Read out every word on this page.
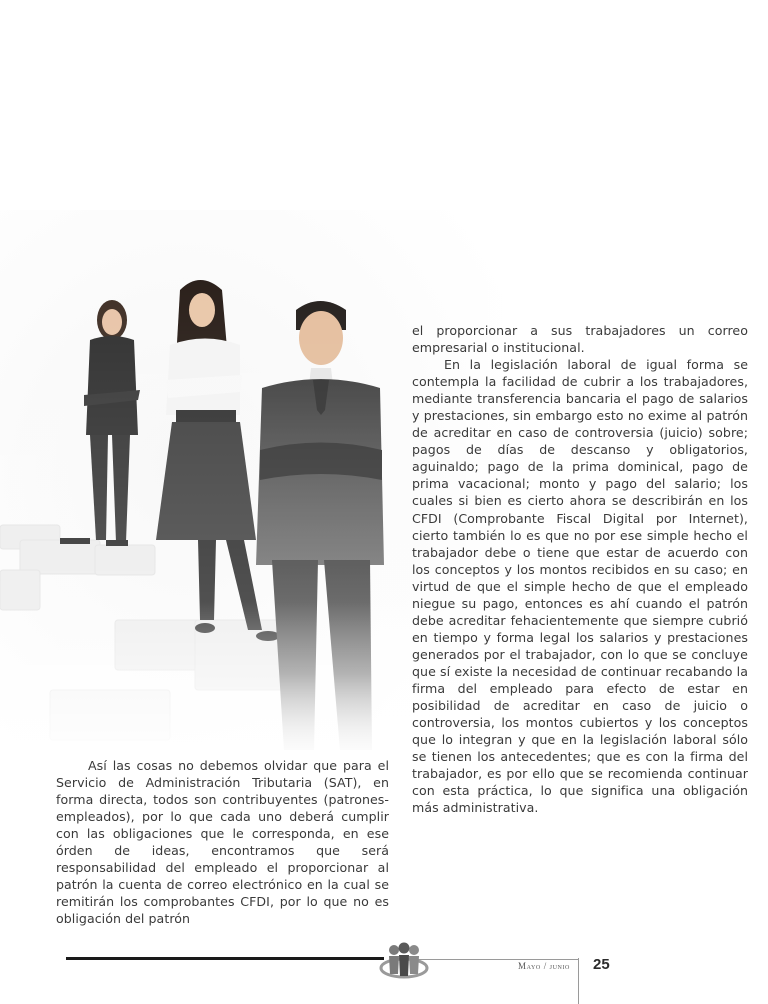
el proporcionar a sus trabajadores un correo empresarial o institucional.

En la legislación laboral de igual forma se contempla la facilidad de cubrir a los trabajadores, mediante transferencia bancaria el pago de salarios y prestaciones, sin embargo esto no exime al patrón de acreditar en caso de controversia (juicio) sobre; pagos de días de descanso y obligatorios, aguinaldo; pago de la prima dominical, pago de prima vacacional; monto y pago del salario; los cuales si bien es cierto ahora se describirán en los CFDI (Comprobante Fiscal Digital por Internet), cierto también lo es que no por ese simple hecho el trabajador debe o tiene que estar de acuerdo con los conceptos y los montos recibidos en su caso; en virtud de que el simple hecho de que el empleado niegue su pago, entonces es ahí cuando el patrón debe acreditar fehacientemente que siempre cubrió en tiempo y forma legal los salarios y prestaciones generados por el trabajador, con lo que se concluye que sí existe la necesidad de continuar recabando la firma del empleado para efecto de estar en posibilidad de acreditar en caso de juicio o controversia, los montos cubiertos y los conceptos que lo integran y que en la legislación laboral sólo se tienen los antecedentes; que es con la firma del trabajador, es por ello que se recomienda continuar con esta práctica, lo que significa una obligación más administrativa.

Así las cosas no debemos olvidar que para el Servicio de Administración Tributaria (SAT), en forma directa, todos son contribuyentes (patrones-empleados), por lo que cada uno deberá cumplir con las obligaciones que le corresponda, en ese órden de ideas, encontramos que será responsabilidad del empleado el proporcionar al patrón la cuenta de correo electrónico en la cual se remitirán los comprobantes CFDI, por lo que no es obligación del patrón

Mayo / junio 25
